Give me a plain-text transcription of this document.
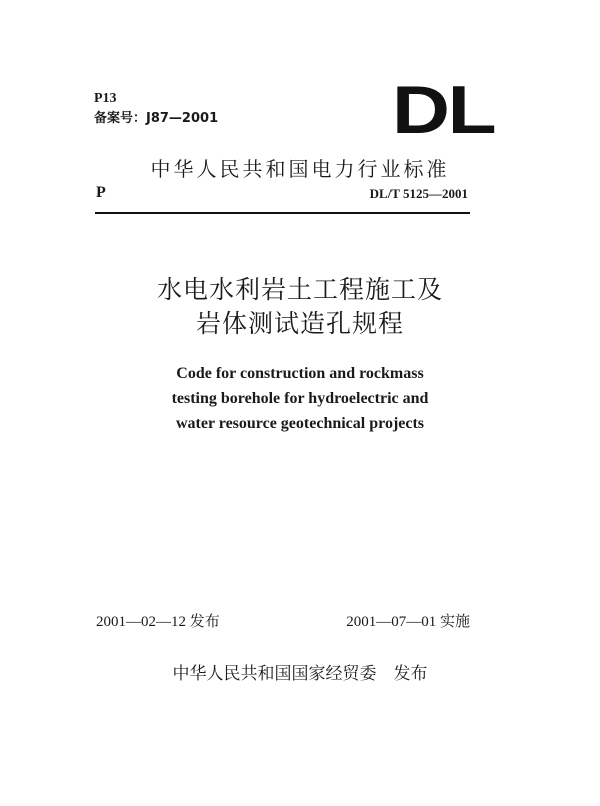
P13
备案号：J87—2001	DL
中华人民共和国电力行业标准
P	DL/T 5125—2001
水电水利岩土工程施工及
岩体测试造孔规程
Code for construction and rockmass
testing borehole for hydroelectric and
water resource geotechnical projects
2001—02—12 发布	2001—07—01 实施
中华人民共和国国家经贸委　发布
